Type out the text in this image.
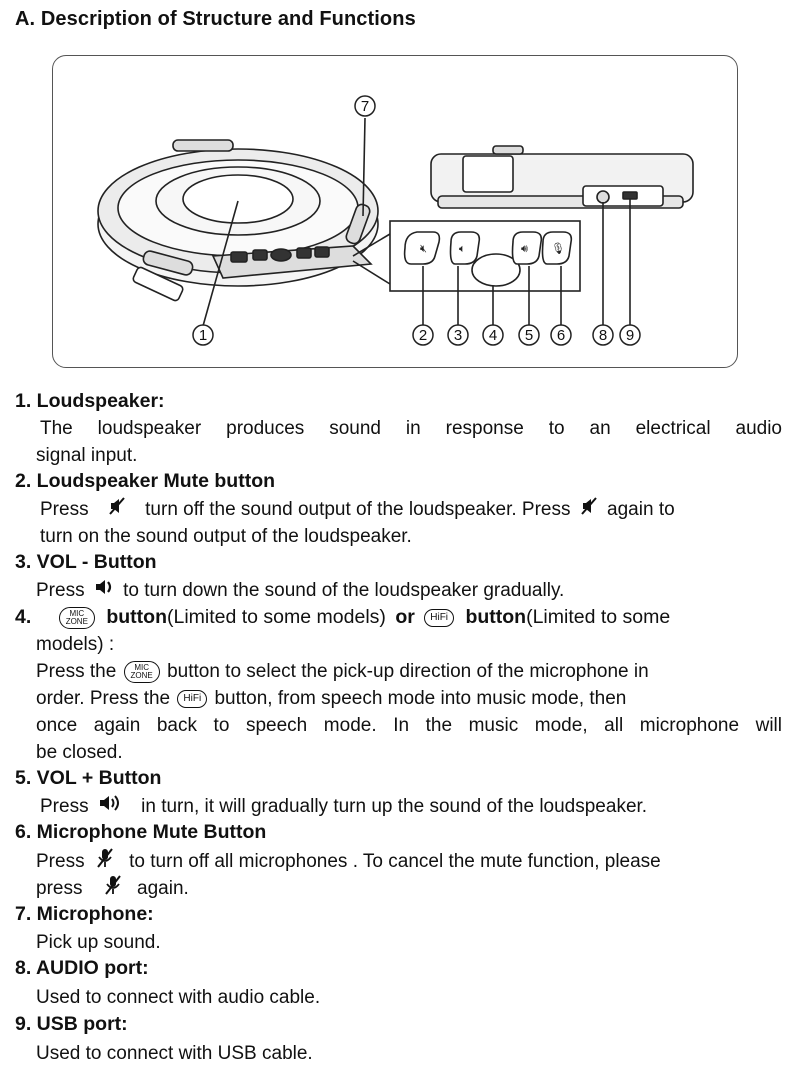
A. Description of Structure and Functions
🔇︎	🔈︎	🔊︎ 🎙︎
1	2 3 4 5 6
7
8 9
1. Loudspeaker:
The loudspeaker produces sound in response to an electrical audio
signal input.
2. Loudspeaker Mute button
Press	turn off the sound output of the loudspeaker. Press again to
turn on the sound output of the loudspeaker.
3. VOL - Button
Press to turn down the sound of the loudspeaker gradually.
4.	MIC
ZONE button(Limited to some models) or HiFi button(Limited to some
models) :
Press the MIC
ZONE button to select the pick-up direction of the microphone in
order. Press the HiFi button, from speech mode into music mode, then
once again back to speech mode. In the music mode, all microphone will
be closed.
5. VOL + Button
Press	in turn, it will gradually turn up the sound of the loudspeaker.
6. Microphone Mute Button
Press to turn off all microphones . To cancel the mute function, please
press	again.
7. Microphone:
Pick up sound.
8. AUDIO port:
Used to connect with audio cable.
9. USB port:
Used to connect with USB cable.
